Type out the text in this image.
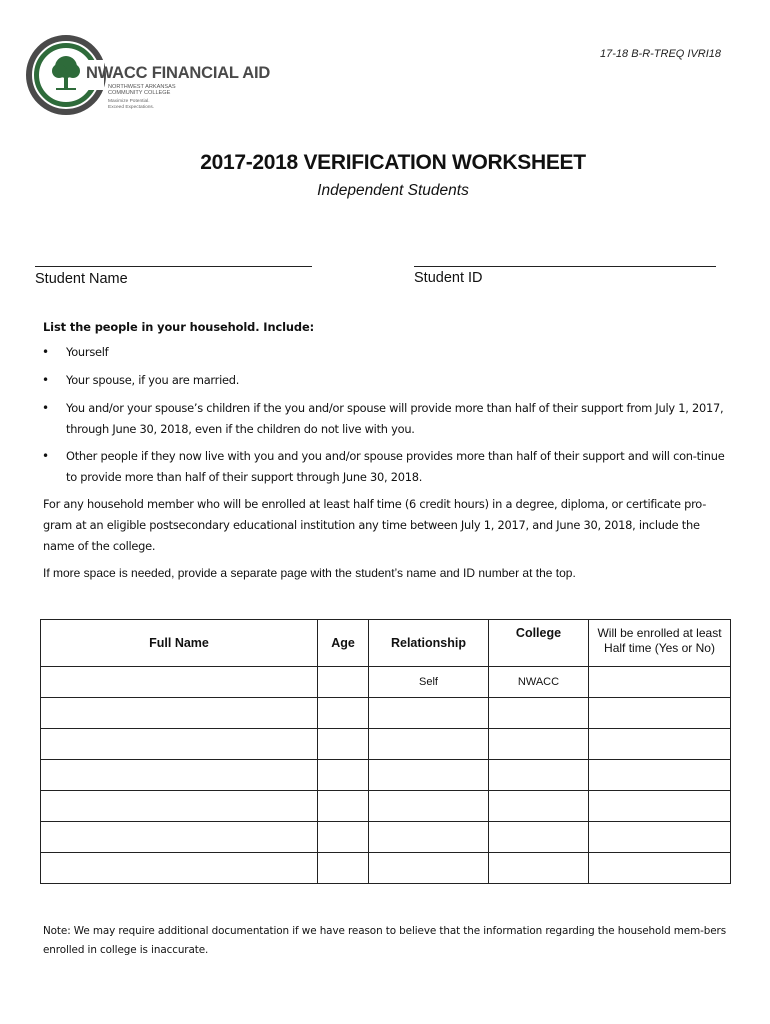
NWACC FINANCIAL AID
NORTHWEST ARKANSAS
COMMUNITY COLLEGE
Maximize Potential.
Exceed Expectations.
17-18 B-R-TREQ IVRI18
2017-2018 VERIFICATION WORKSHEET
Independent Students
Student Name	Student ID
List the people in your household. Include:
• Yourself
• Your spouse, if you are married.
• You and/or your spouse’s children if the you and/or spouse will provide more than half of their support from July 1, 2017, through June 30, 2018, even if the children do not live with you.
• Other people if they now live with you and you and/or spouse provides more than half of their support and will con-tinue to provide more than half of their support through June 30, 2018.
For any household member who will be enrolled at least half time (6 credit hours) in a degree, diploma, or certificate pro-gram at an eligible postsecondary educational institution any time between July 1, 2017, and June 30, 2018, include the name of the college.
If more space is needed, provide a separate page with the student’s name and ID number at the top.
Full Name	Age	Relationship	College	Will be enrolled at least Half time (Yes or No)
		Self	NWACC	

Note: We may require additional documentation if we have reason to believe that the information regarding the household mem-bers enrolled in college is inaccurate.
